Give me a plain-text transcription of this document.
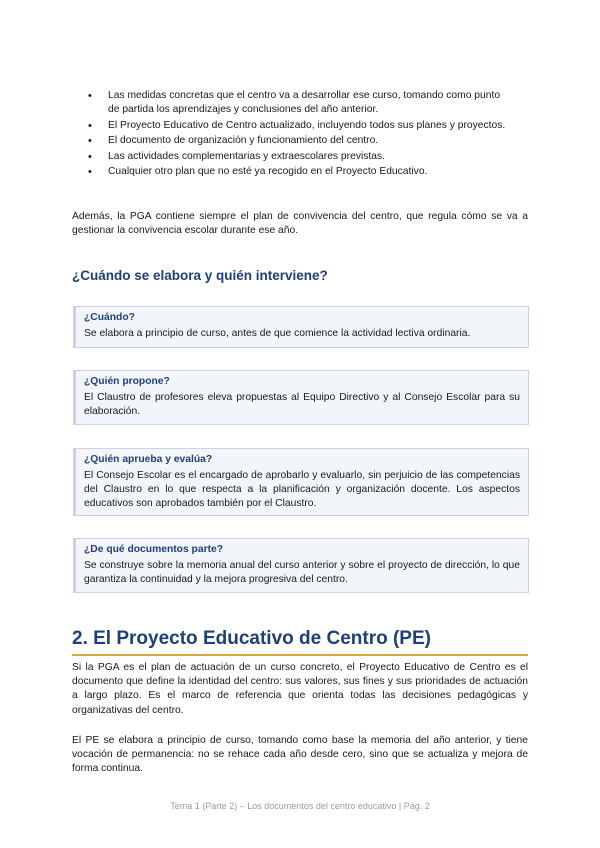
• Las medidas concretas que el centro va a desarrollar ese curso, tomando como punto de partida los aprendizajes y conclusiones del año anterior.
• El Proyecto Educativo de Centro actualizado, incluyendo todos sus planes y proyectos.
• El documento de organización y funcionamiento del centro.
• Las actividades complementarias y extraescolares previstas.
• Cualquier otro plan que no esté ya recogido en el Proyecto Educativo.

Además, la PGA contiene siempre el plan de convivencia del centro, que regula cómo se va a gestionar la convivencia escolar durante ese año.

¿Cuándo se elabora y quién interviene?

¿Cuándo?

Se elabora a principio de curso, antes de que comience la actividad lectiva ordinaria.

¿Quién propone?

El Claustro de profesores eleva propuestas al Equipo Directivo y al Consejo Escolar para su elaboración.

¿Quién aprueba y evalúa?

El Consejo Escolar es el encargado de aprobarlo y evaluarlo, sin perjuicio de las competencias del Claustro en lo que respecta a la planificación y organización docente. Los aspectos educativos son aprobados también por el Claustro.

¿De qué documentos parte?

Se construye sobre la memoria anual del curso anterior y sobre el proyecto de dirección, lo que garantiza la continuidad y la mejora progresiva del centro.

2. El Proyecto Educativo de Centro (PE)

Si la PGA es el plan de actuación de un curso concreto, el Proyecto Educativo de Centro es el documento que define la identidad del centro: sus valores, sus fines y sus prioridades de actuación a largo plazo. Es el marco de referencia que orienta todas las decisiones pedagógicas y organizativas del centro.

El PE se elabora a principio de curso, tomando como base la memoria del año anterior, y tiene vocación de permanencia: no se rehace cada año desde cero, sino que se actualiza y mejora de forma continua.

Tema 1 (Parte 2) – Los documentos del centro educativo | Pág. 2
